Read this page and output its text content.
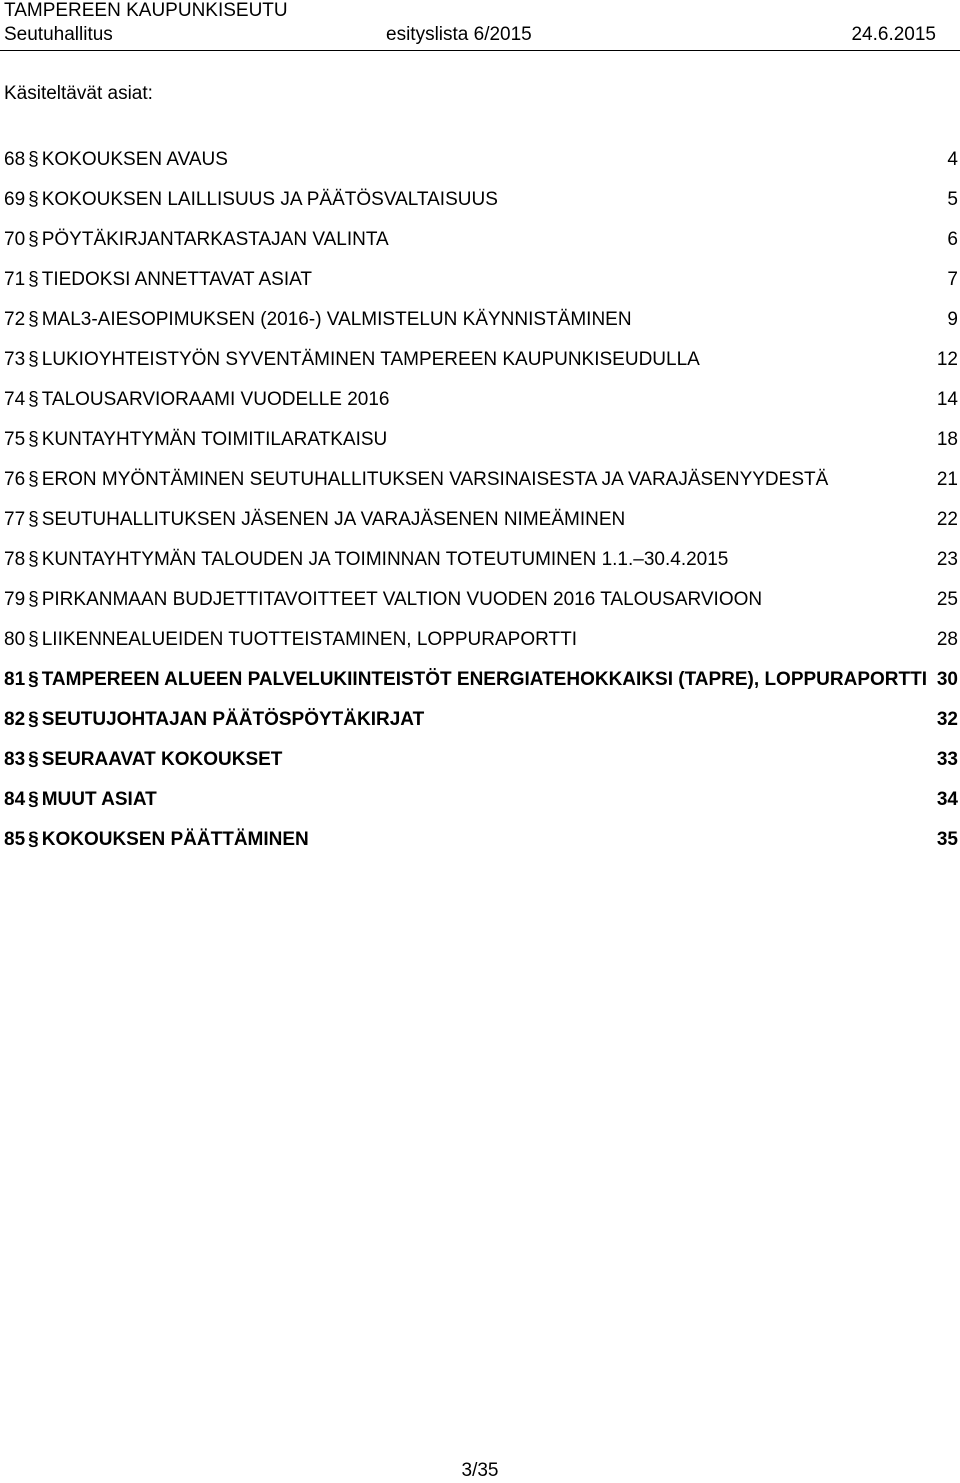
TAMPEREEN KAUPUNKISEUTU
Seutuhallitus	esityslista 6/2015	24.6.2015
Käsiteltävät asiat:
68 § KOKOUKSEN AVAUS	4
69 § KOKOUKSEN LAILLISUUS JA PÄÄTÖSVALTAISUUS	5
70 § PÖYTÄKIRJANTARKASTAJAN VALINTA	6
71 § TIEDOKSI ANNETTAVAT ASIAT	7
72 § MAL3-AIESOPIMUKSEN (2016-) VALMISTELUN KÄYNNISTÄMINEN	9
73 § LUKIOYHTEISTYÖN SYVENTÄMINEN TAMPEREEN KAUPUNKISEUDULLA	12
74 § TALOUSARVIORAAMI VUODELLE 2016	14
75 § KUNTAYHTYMÄN TOIMITILARATKAISU	18
76 § ERON MYÖNTÄMINEN SEUTUHALLITUKSEN VARSINAISESTA JA VARAJÄSENYYDESTÄ	21
77 § SEUTUHALLITUKSEN JÄSENEN JA VARAJÄSENEN NIMEÄMINEN	22
78 § KUNTAYHTYMÄN TALOUDEN JA TOIMINNAN TOTEUTUMINEN 1.1.–30.4.2015	23
79 § PIRKANMAAN BUDJETTITAVOITTEET VALTION VUODEN 2016 TALOUSARVIOON	25
80 § LIIKENNEALUEIDEN TUOTTEISTAMINEN, LOPPURAPORTTI	28
81 § TAMPEREEN ALUEEN PALVELUKIINTEISTÖT ENERGIATEHOKKAIKSI (TAPRE), LOPPURAPORTTI 30
82 § SEUTUJOHTAJAN PÄÄTÖSPÖYTÄKIRJAT	32
83 § SEURAAVAT KOKOUKSET	33
84 § MUUT ASIAT	34
85 § KOKOUKSEN PÄÄTTÄMINEN	35
3/35
